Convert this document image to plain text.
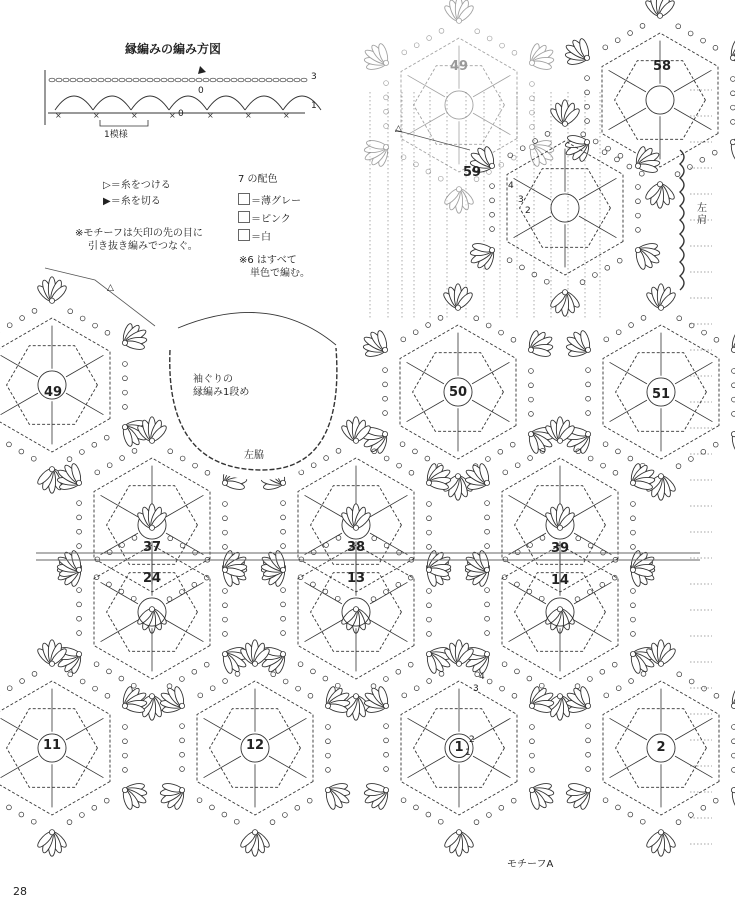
×	×	×	×	×	×	×
縁編みの編み方図
1模様
3
1
0
0
▷＝糸をつける
▶＝糸を切る
※モチーフは矢印の先の目に
引き抜き編みでつなぐ。
7 の配色
＝薄グレー
＝ピンク
＝白
※6 はすべて
単色で編む。
袖ぐりの
縁編み1段め
左脇
左肩
モチーフA
△
△
49	58
59
49	50	51
37	38	39
24	13	14
11	12	1	2
4
3
2
1
4
3
2
28
